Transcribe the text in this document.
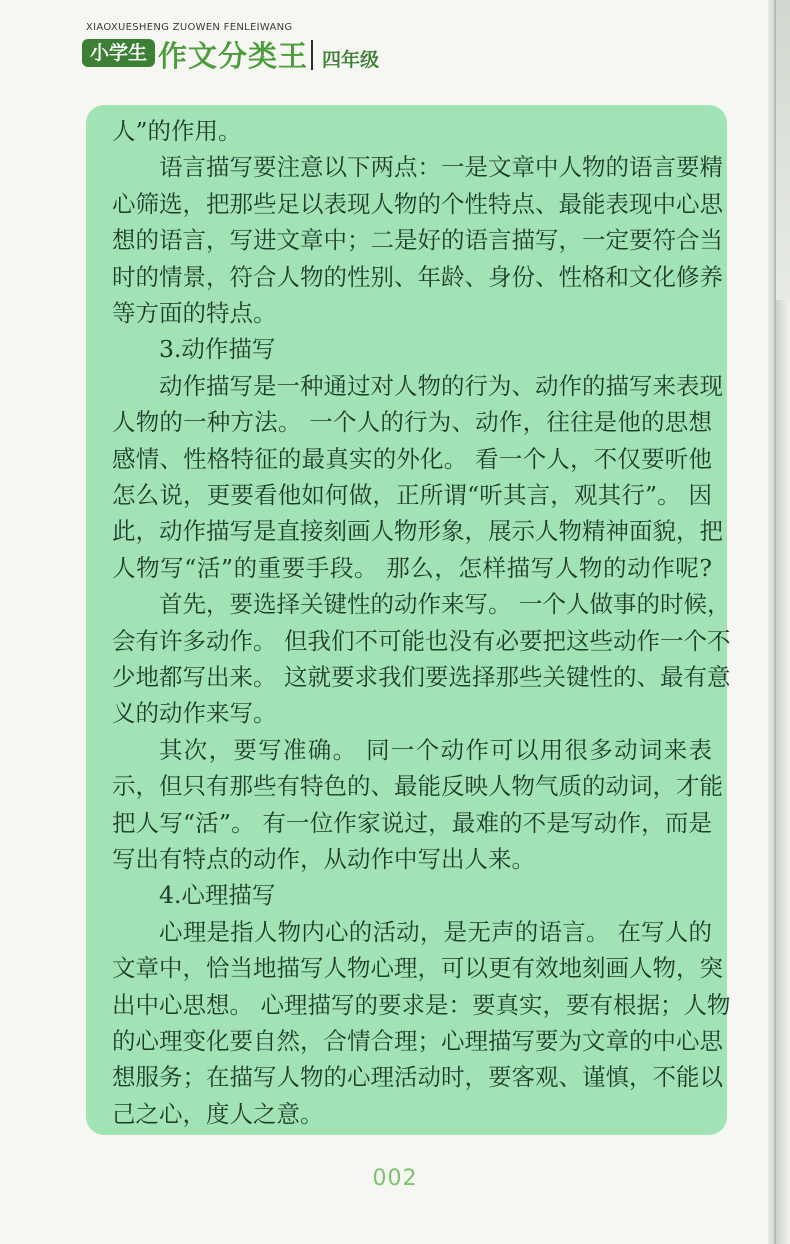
XIAOXUESHENG ZUOWEN FENLEIWANG
小学生 作文分类王 四年级
人”的作用。
语言描写要注意以下两点：一是文章中人物的语言要精
心筛选，把那些足以表现人物的个性特点、最能表现中心思
想的语言，写进文章中；二是好的语言描写，一定要符合当
时的情景，符合人物的性别、年龄、身份、性格和文化修养
等方面的特点。
3.动作描写
动作描写是一种通过对人物的行为、动作的描写来表现
人物的一种方法。 一个人的行为、动作，往往是他的思想
感情、性格特征的最真实的外化。 看一个人，不仅要听他
怎么说，更要看他如何做，正所谓“听其言，观其行”。 因
此，动作描写是直接刻画人物形象，展示人物精神面貌，把
人物写“活”的重要手段。 那么，怎样描写人物的动作呢?
首先，要选择关键性的动作来写。 一个人做事的时候，
会有许多动作。 但我们不可能也没有必要把这些动作一个不
少地都写出来。 这就要求我们要选择那些关键性的、最有意
义的动作来写。
其次，要写准确。 同一个动作可以用很多动词来表
示，但只有那些有特色的、最能反映人物气质的动词，才能
把人写“活”。 有一位作家说过，最难的不是写动作，而是
写出有特点的动作，从动作中写出人来。
4.心理描写
心理是指人物内心的活动，是无声的语言。 在写人的
文章中，恰当地描写人物心理，可以更有效地刻画人物，突
出中心思想。 心理描写的要求是：要真实，要有根据；人物
的心理变化要自然，合情合理；心理描写要为文章的中心思
想服务；在描写人物的心理活动时，要客观、谨慎，不能以
己之心，度人之意。
002
